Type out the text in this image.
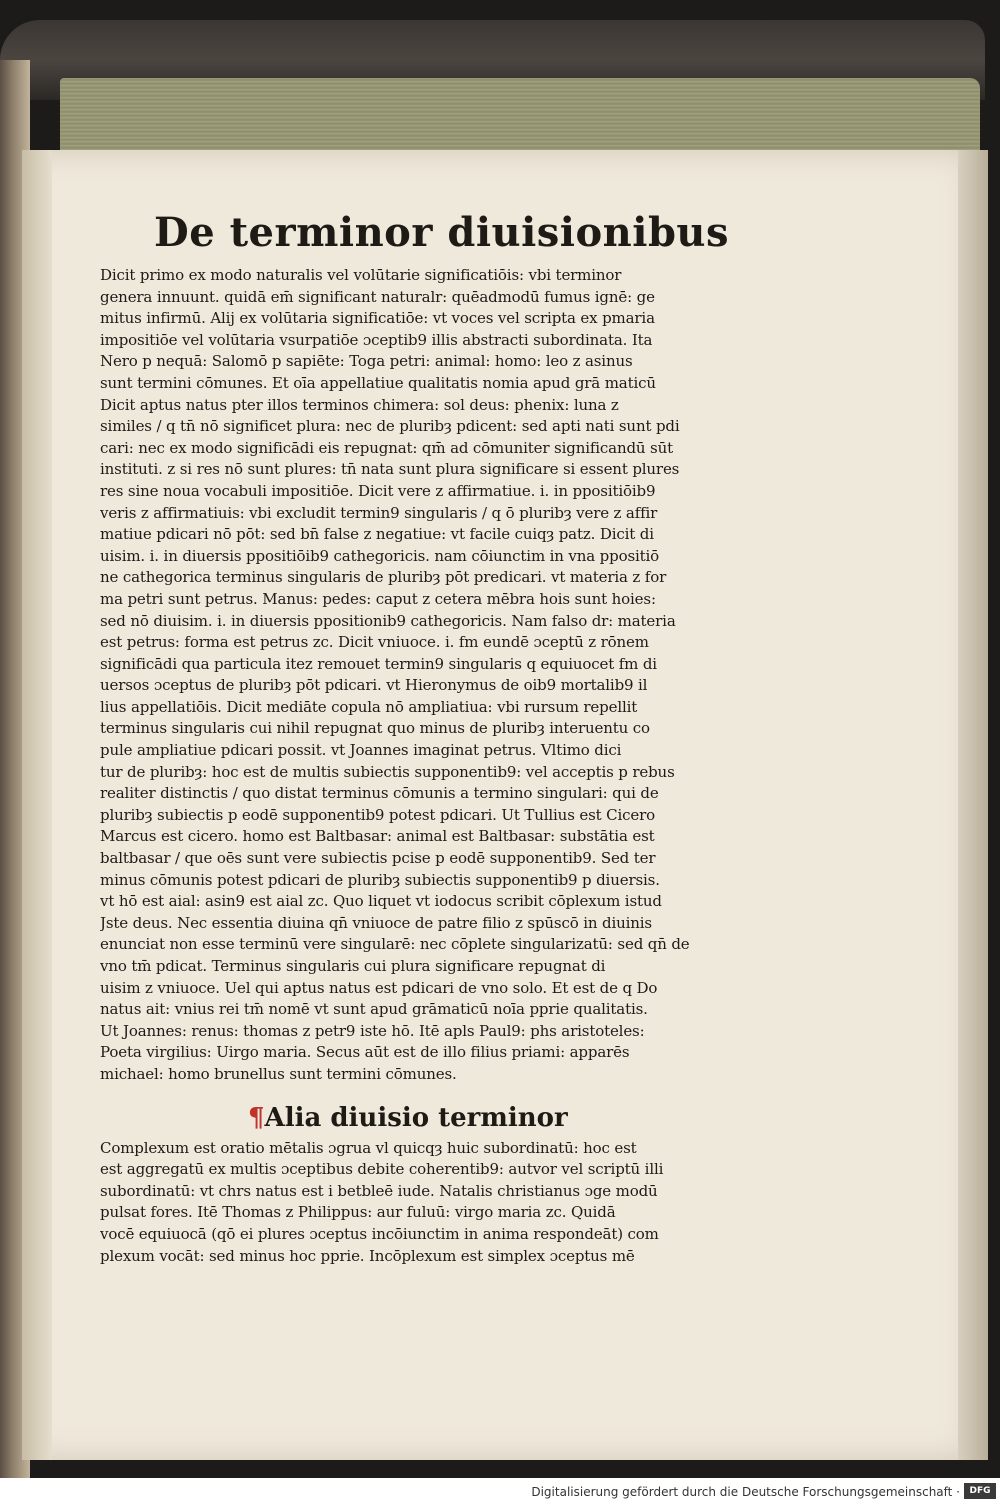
De terminor diuisionibus
Dicit primo ex modo naturalis vel volūtarie significatiōis: vbi terminor
genera innuunt. quidā em̄ significant naturalr: quēadmodū fumus ignē: ge
mitus infirmū. Alij ex volūtaria significatiōe: vt voces vel scripta ex pmaria
impositiōe vel volūtaria vsurpatiōe ɔceptib9 illis abstracti subordinata. Ita
Nero p nequā: Salomō p sapiēte: Toga petri: animal: homo: leo z asinus
sunt termini cōmunes. Et oīa appellatiue qualitatis nomia apud grā maticū
Dicit aptus natus pter illos terminos chimera: sol deus: phenix: luna z
similes / q tn̄ nō significet plura: nec de pluribȝ pdicent: sed apti nati sunt pdi
cari: nec ex modo significādi eis repugnat: qm̄ ad cōmuniter significandū sūt
instituti. z si res nō sunt plures: tn̄ nata sunt plura significare si essent plures
res sine noua vocabuli impositiōe. Dicit vere z affirmatiue. i. in ppositiōib9
veris z affirmatiuis: vbi excludit termin9 singularis / q ō pluribȝ vere z affir
matiue pdicari nō pōt: sed bn̄ false z negatiue: vt facile cuiqȝ patz. Dicit di
uisim. i. in diuersis ppositiōib9 cathegoricis. nam cōiunctim in vna ppositiō
ne cathegorica terminus singularis de pluribȝ pōt predicari. vt materia z for
ma petri sunt petrus. Manus: pedes: caput z cetera mēbra hois sunt hoies:
sed nō diuisim. i. in diuersis ppositionib9 cathegoricis. Nam falso dr: materia
est petrus: forma est petrus zc. Dicit vniuoce. i. fm eundē ɔceptū z rōnem
significādi qua particula itez remouet termin9 singularis q equiuocet fm di
uersos ɔceptus de pluribȝ pōt pdicari. vt Hieronymus de oib9 mortalib9 il
lius appellatiōis. Dicit mediāte copula nō ampliatiua: vbi rursum repellit
terminus singularis cui nihil repugnat quo minus de pluribȝ interuentu co
pule ampliatiue pdicari possit. vt Joannes imaginat petrus. Vltimo dici
tur de pluribȝ: hoc est de multis subiectis supponentib9: vel acceptis p rebus
realiter distinctis / quo distat terminus cōmunis a termino singulari: qui de
pluribȝ subiectis p eodē supponentib9 potest pdicari. Ut Tullius est Cicero
Marcus est cicero. homo est Baltbasar: animal est Baltbasar: substātia est
baltbasar / que oēs sunt vere subiectis pcise p eodē supponentib9. Sed ter
minus cōmunis potest pdicari de pluribȝ subiectis supponentib9 p diuersis.
vt hō est aial: asin9 est aial zc. Quo liquet vt iodocus scribit cōplexum istud
Jste deus. Nec essentia diuina qn̄ vniuoce de patre filio z spūscō in diuinis
enunciat non esse terminū vere singularē: nec cōplete singularizatū: sed qn̄ de
vno tm̄ pdicat. Terminus singularis cui plura significare repugnat di
uisim z vniuoce. Uel qui aptus natus est pdicari de vno solo. Et est de q Do
natus ait: vnius rei tm̄ nomē vt sunt apud grāmaticū noīa pprie qualitatis.
Ut Joannes: renus: thomas z petr9 iste hō. Itē apls Paul9: phs aristoteles:
Poeta virgilius: Uirgo maria. Secus aūt est de illo filius priami: apparēs
michael: homo brunellus sunt termini cōmunes.
¶Alia diuisio terminor
Complexum est oratio mētalis ɔgrua vl quicqȝ huic subordinatū: hoc est
est aggregatū ex multis ɔceptibus debite coherentib9: autvor vel scriptū illi
subordinatū: vt chrs natus est i betbleē iude. Natalis christianus ɔge modū
pulsat fores. Itē Thomas z Philippus: aur fuluū: virgo maria zc. Quidā
vocē equiuocā (qō ei plures ɔceptus incōiunctim in anima respondeāt) com
plexum vocāt: sed minus hoc pprie. Incōplexum est simplex ɔceptus mē
Digitalisierung gefördert durch die Deutsche Forschungsgemeinschaft ·	DFG
